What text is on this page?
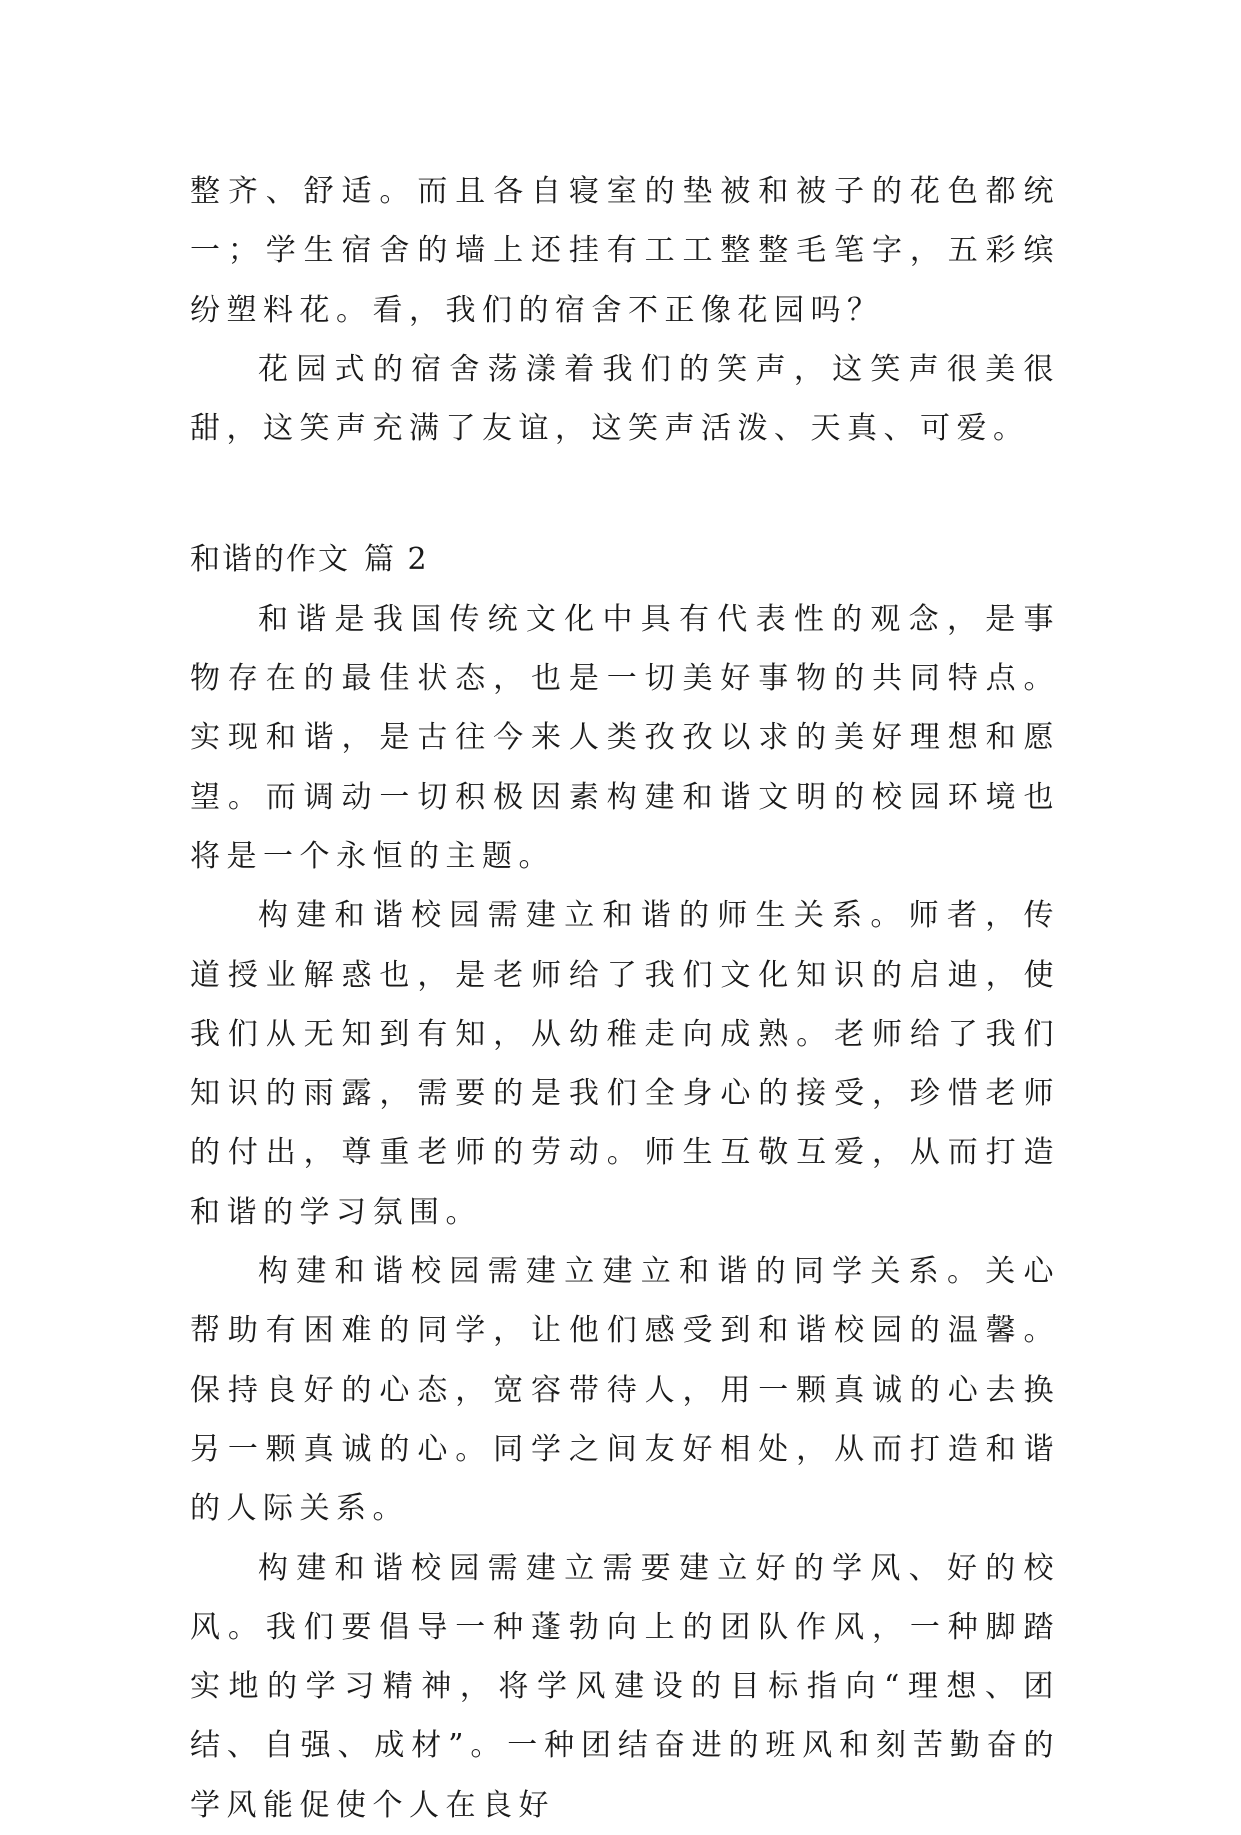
整齐、舒适。而且各自寝室的垫被和被子的花色都统一；学生宿舍的墙上还挂有工工整整毛笔字，五彩缤纷塑料花。看，我们的宿舍不正像花园吗？

花园式的宿舍荡漾着我们的笑声，这笑声很美很甜，这笑声充满了友谊，这笑声活泼、天真、可爱。

和谐的作文 篇 2

和谐是我国传统文化中具有代表性的观念，是事物存在的最佳状态，也是一切美好事物的共同特点。实现和谐，是古往今来人类孜孜以求的美好理想和愿望。而调动一切积极因素构建和谐文明的校园环境也将是一个永恒的主题。

构建和谐校园需建立和谐的师生关系。师者，传道授业解惑也，是老师给了我们文化知识的启迪，使我们从无知到有知，从幼稚走向成熟。老师给了我们知识的雨露，需要的是我们全身心的接受，珍惜老师的付出，尊重老师的劳动。师生互敬互爱，从而打造和谐的学习氛围。

构建和谐校园需建立建立和谐的同学关系。关心帮助有困难的同学，让他们感受到和谐校园的温馨。保持良好的心态，宽容带待人，用一颗真诚的心去换另一颗真诚的心。同学之间友好相处，从而打造和谐的人际关系。

构建和谐校园需建立需要建立好的学风、好的校风。我们要倡导一种蓬勃向上的团队作风，一种脚踏实地的学习精神，将学风建设的目标指向“理想、团结、自强、成材”。一种团结奋进的班风和刻苦勤奋的学风能促使个人在良好
